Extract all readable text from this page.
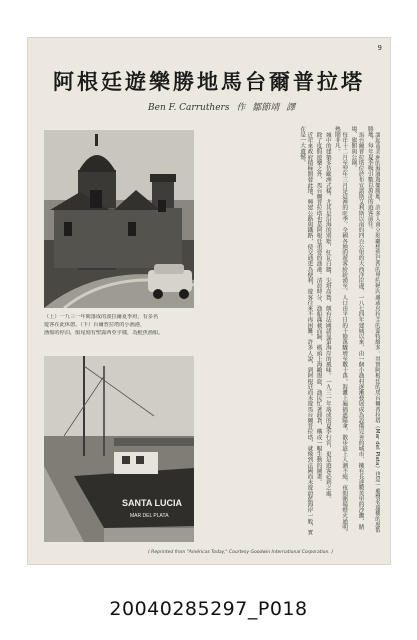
9
阿根廷遊樂勝地馬台爾普拉塔
Ben F. Carruthers 作 鄒節靖 譯
（上）一九三一年間落成的波拉爾夏季府，有多名
遊客在此休憩。（下）台爾普拉塔的小漁港，
漁船的停泊，船尾刻有聖露西亞字樣，為鮭魚漁船。
SANTA LUCIA
MAR DEL PLATA	談起南美洲的海濱遊樂勝地，許多人會立刻聯想到巴西的里約熱內盧或烏拉圭的蒙特維多。其實阿根廷的馬台爾普拉塔（Mar del Plata）也是一處聲名遠播的度假勝地，每年夏季吸引數以萬計的遊客前往。

馬台爾普拉塔位於布宜諾斯艾利斯以南約四百公里的大西洋岸邊，一八七四年建城以來，由一個小漁村逐漸發展成為設備完善的城市，擁有長達數英里的沙灘、賭場、旅館與公園。

每年十二月至翌年三月是這裡的旺季，全國各地的遊客紛紛湧至，人口由平日的十餘萬驟增至數十萬。海灘上遍插遮陽傘，散步道上人潮不絕，夜間賭場燈火通明，熱鬧非凡。

城中的建築多仿歐洲式樣，尤其是沿海的別墅，紅瓦白牆，尖塔高聳，頗有法國諾曼第海岸的風味。一九三一年落成的夏季行宮，更是遊客必到之處。

除了度假遊樂之外，馬台爾普拉塔也是阿根廷重要的漁港。清晨時分，漁船滿載而歸，碼頭上海鷗盤旋，漁民忙著卸貨，構成一幅生動的圖畫。

近年來政府積極開發此地，興建公路與鐵路，使交通更為便利，遊客往來不再困難。許多人說，到阿根廷而未遊馬台爾普拉塔，就像到法國而未遊蔚藍海岸一般，實在是一大遺憾。

( Reprinted from "Américas Today," Courtesy Goodwin International Corporation. )
20040285297_P018
